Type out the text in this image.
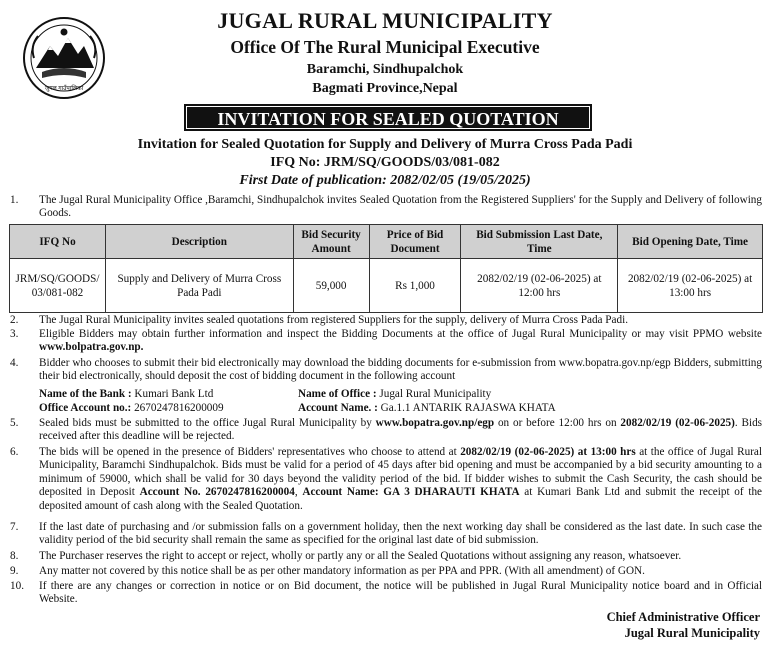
जुगल गाउँपालिका
JUGAL RURAL MUNICIPALITY
Office Of The Rural Municipal Executive
Baramchi, Sindhupalchok
Bagmati Province,Nepal
INVITATION FOR SEALED QUOTATION
Invitation for Sealed Quotation for Supply and Delivery of Murra Cross Pada Padi
IFQ No: JRM/SQ/GOODS/03/081-082
First Date of publication: 2082/02/05 (19/05/2025)
1. The Jugal Rural Municipality Office ,Baramchi, Sindhupalchok invites Sealed Quotation from the Registered Suppliers' for the Supply and Delivery of following Goods.
IFQ No	Description	Bid Security Amount	Price of Bid Document	Bid Submission Last Date, Time	Bid Opening Date, Time
JRM/SQ/GOODS/ 03/081-082	Supply and Delivery of Murra Cross Pada Padi	59,000	Rs 1,000	2082/02/19 (02-06-2025) at 12:00 hrs	2082/02/19 (02-06-2025) at 13:00 hrs
2. The Jugal Rural Municipality invites sealed quotations from registered Suppliers for the supply, delivery of Murra Cross Pada Padi.
3. Eligible Bidders may obtain further information and inspect the Bidding Documents at the office of Jugal Rural Municipality or may visit PPMO website www.bolpatra.gov.np.
4. Bidder who chooses to submit their bid electronically may download the bidding documents for e-submission from www.bopatra.gov.np/egp Bidders, submitting their bid electronically, should deposit the cost of bidding document in the following account
Name of the Bank : Kumari Bank Ltd
Office Account no.: 2670247816200009
Name of Office : Jugal Rural Municipality
Account Name. : Ga.1.1 ANTARIK RAJASWA KHATA
5. Sealed bids must be submitted to the office Jugal Rural Municipality by www.bopatra.gov.np/egp on or before 12:00 hrs on 2082/02/19 (02-06-2025). Bids received after this deadline will be rejected.
6. The bids will be opened in the presence of Bidders' representatives who choose to attend at 2082/02/19 (02-06-2025) at 13:00 hrs at the office of Jugal Rural Municipality, Baramchi Sindhupalchok. Bids must be valid for a period of 45 days after bid opening and must be accompanied by a bid security amounting to a minimum of 59000, which shall be valid for 30 days beyond the validity period of the bid. If bidder wishes to submit the Cash Security, the cash should be deposited in Deposit Account No. 2670247816200004, Account Name: GA 3 DHARAUTI KHATA at Kumari Bank Ltd and submit the receipt of the deposited amount of cash along with the Sealed Quotation.
7. If the last date of purchasing and /or submission falls on a government holiday, then the next working day shall be considered as the last date. In such case the validity period of the bid security shall remain the same as specified for the original last date of bid submission.
8. The Purchaser reserves the right to accept or reject, wholly or partly any or all the Sealed Quotations without assigning any reason, whatsoever.
9. Any matter not covered by this notice shall be as per other mandatory information as per PPA and PPR. (With all amendment) of GON.
10. If there are any changes or correction in notice or on Bid document, the notice will be published in Jugal Rural Municipality notice board and in Official Website.
Chief Administrative Officer
Jugal Rural Municipality
